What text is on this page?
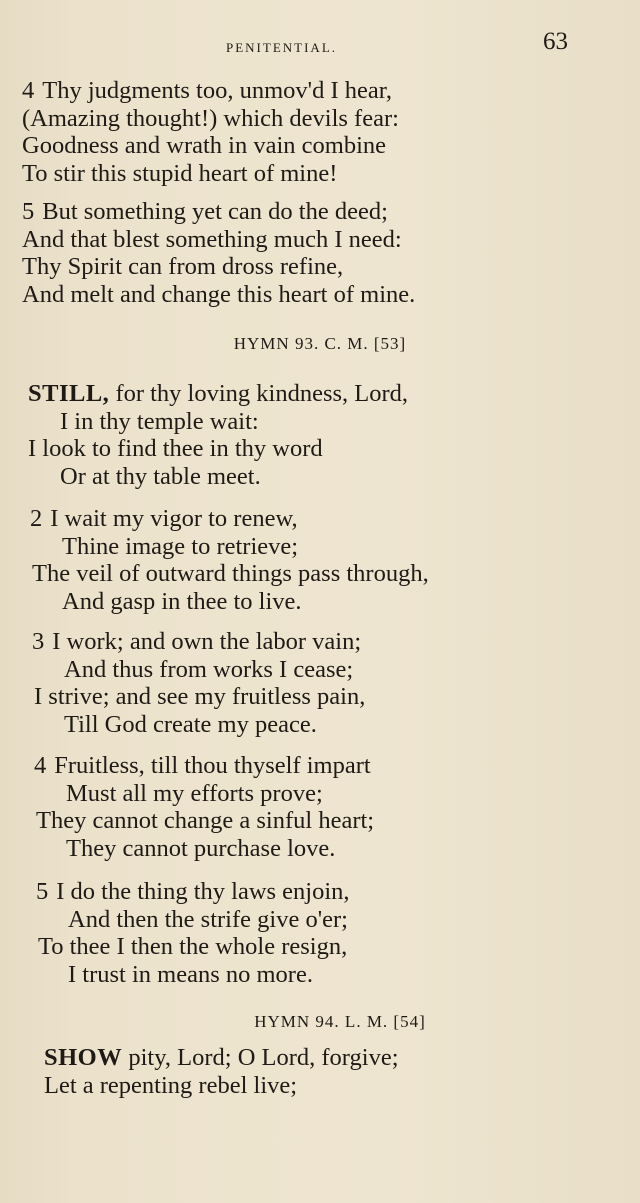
PENITENTIAL.	63
4 Thy judgments too, unmov'd I hear,
(Amazing thought!) which devils fear:
Goodness and wrath in vain combine
To stir this stupid heart of mine!
5 But something yet can do the deed;
And that blest something much I need:
Thy Spirit can from dross refine,
And melt and change this heart of mine.
HYMN 93. C. M. [53]
STILL, for thy loving kindness, Lord,
I in thy temple wait:
I look to find thee in thy word
Or at thy table meet.
2 I wait my vigor to renew,
Thine image to retrieve;
The veil of outward things pass through,
And gasp in thee to live.
3 I work; and own the labor vain;
And thus from works I cease;
I strive; and see my fruitless pain,
Till God create my peace.
4 Fruitless, till thou thyself impart
Must all my efforts prove;
They cannot change a sinful heart;
They cannot purchase love.
5 I do the thing thy laws enjoin,
And then the strife give o'er;
To thee I then the whole resign,
I trust in means no more.
HYMN 94. L. M. [54]
SHOW pity, Lord; O Lord, forgive;
Let a repenting rebel live;
